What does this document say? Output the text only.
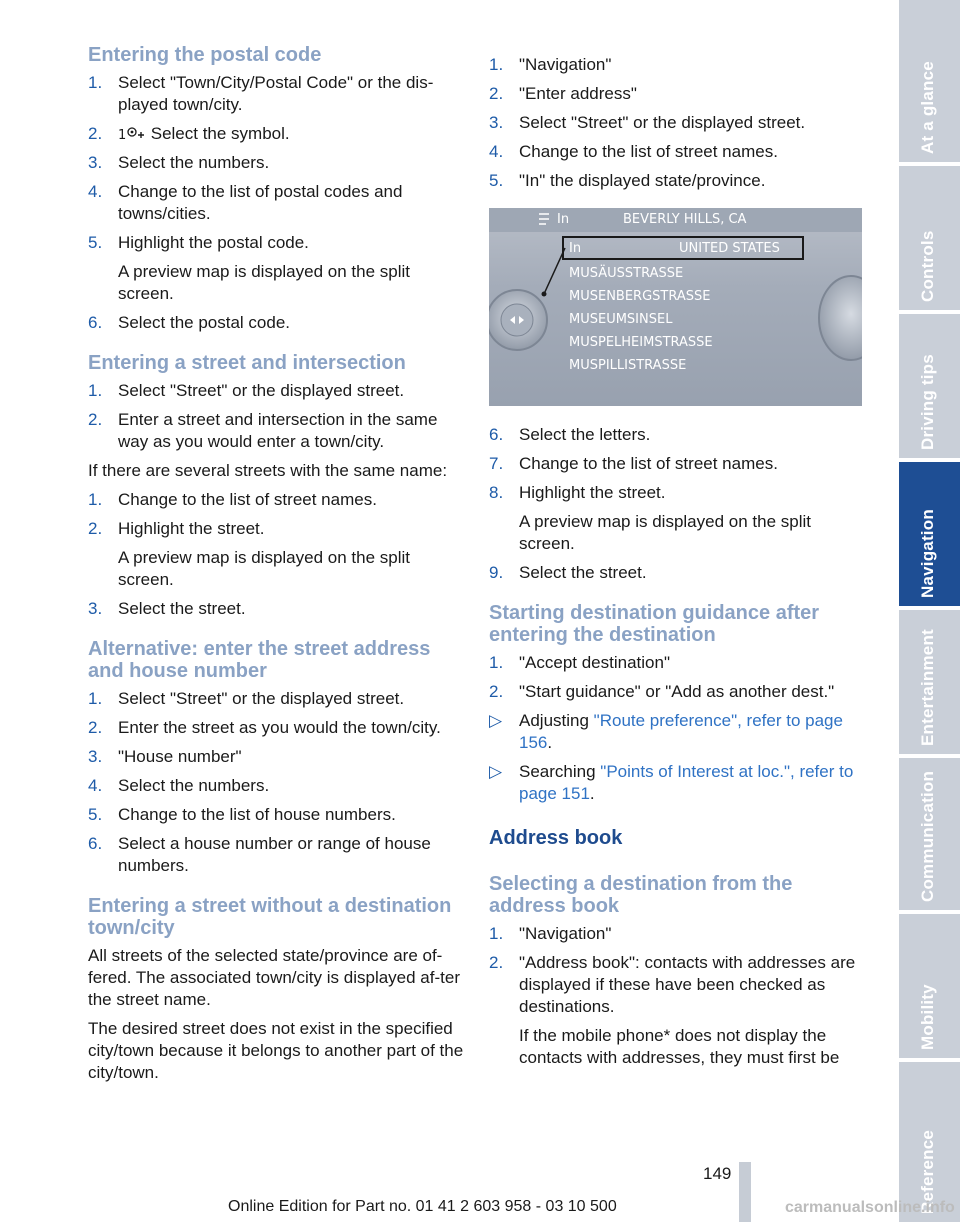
Entering the postal code
1. Select "Town/City/Postal Code" or the dis-played town/city.
2. 1 Select the symbol.
3. Select the numbers.
4. Change to the list of postal codes and towns/cities.
5. Highlight the postal code.
A preview map is displayed on the split screen.
6. Select the postal code.
Entering a street and intersection
1. Select "Street" or the displayed street.
2. Enter a street and intersection in the same way as you would enter a town/city.

If there are several streets with the same name:

1. Change to the list of street names.
2. Highlight the street.
A preview map is displayed on the split screen.
3. Select the street.
Alternative: enter the street address and house number
1. Select "Street" or the displayed street.
2. Enter the street as you would the town/city.
3. "House number"
4. Select the numbers.
5. Change to the list of house numbers.
6. Select a house number or range of house numbers.
Entering a street without a destination town/city

All streets of the selected state/province are of-fered. The associated town/city is displayed af-ter the street name.

The desired street does not exist in the specified city/town because it belongs to another part of the city/town.

1. "Navigation"
2. "Enter address"
3. Select "Street" or the displayed street.
4. Change to the list of street names.
5. "In" the displayed state/province.
In	BEVERLY HILLS, CA
In	UNITED STATES
MUSÄUSSTRASSE
MUSENBERGSTRASSE
MUSEUMSINSEL
MUSPELHEIMSTRASSE
MUSPILLISTRASSE
6. Select the letters.
7. Change to the list of street names.
8. Highlight the street.
A preview map is displayed on the split screen.
9. Select the street.
Starting destination guidance after entering the destination
1. "Accept destination"
2. "Start guidance" or "Add as another dest."
▷ Adjusting "Route preference", refer to page 156.
▷ Searching "Points of Interest at loc.", refer to page 151.
Address book
Selecting a destination from the address book
1. "Navigation"
2. "Address book": contacts with addresses are displayed if these have been checked as destinations.
If the mobile phone* does not display the contacts with addresses, they must first be
At a glance
Controls
Driving tips
Navigation
Entertainment
Communication
Mobility
Reference
149
Online Edition for Part no. 01 41 2 603 958 - 03 10 500	carmanualsonline.info
